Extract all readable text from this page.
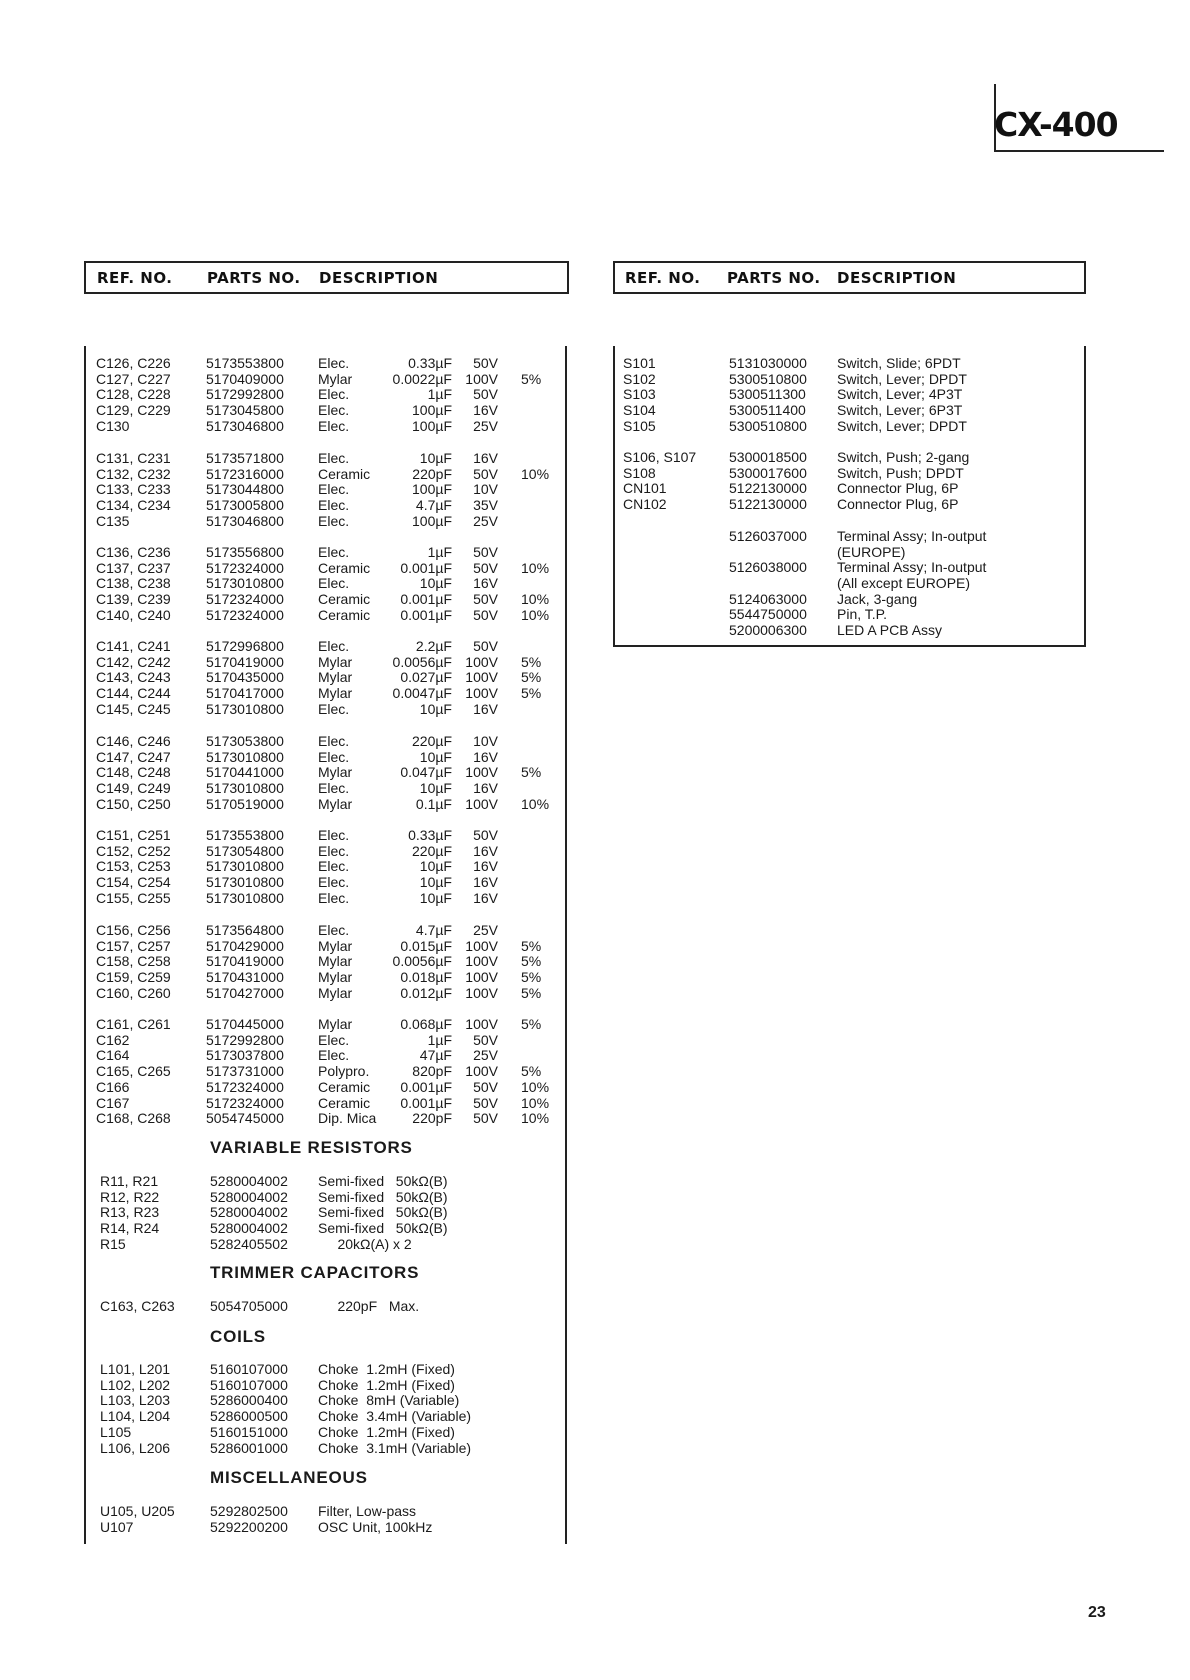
CX-400
REF. NO. PARTS NO. DESCRIPTION	REF. NO. PARTS NO. DESCRIPTION
C126, C226	5173553800 Elec.	0.33µF	50V
C127, C227	5170409000 Mylar	0.0022µF 100V 5%
C128, C228	5172992800 Elec.	1µF	50V
C129, C229	5173045800 Elec.	100µF	16V
C130	5173046800 Elec.	100µF	25V
C131, C231	5173571800 Elec.	10µF	16V
C132, C232	5172316000 Ceramic	220pF	50V 10%
C133, C233	5173044800 Elec.	100µF	10V
C134, C234	5173005800 Elec.	4.7µF	35V
C135	5173046800 Elec.	100µF	25V
C136, C236	5173556800 Elec.	1µF	50V
C137, C237	5172324000 Ceramic	0.001µF	50V 10%
C138, C238	5173010800 Elec.	10µF	16V
C139, C239	5172324000 Ceramic	0.001µF	50V 10%
C140, C240	5172324000 Ceramic	0.001µF	50V 10%
C141, C241	5172996800 Elec.	2.2µF	50V
C142, C242	5170419000 Mylar	0.0056µF 100V 5%
C143, C243	5170435000 Mylar	0.027µF 100V 5%
C144, C244	5170417000 Mylar	0.0047µF 100V 5%
C145, C245	5173010800 Elec.	10µF	16V
C146, C246	5173053800 Elec.	220µF	10V
C147, C247	5173010800 Elec.	10µF	16V
C148, C248	5170441000 Mylar	0.047µF 100V 5%
C149, C249	5173010800 Elec.	10µF	16V
C150, C250	5170519000 Mylar	0.1µF 100V 10%
C151, C251	5173553800 Elec.	0.33µF	50V
C152, C252	5173054800 Elec.	220µF	16V
C153, C253	5173010800 Elec.	10µF	16V
C154, C254	5173010800 Elec.	10µF	16V
C155, C255	5173010800 Elec.	10µF	16V
C156, C256	5173564800 Elec.	4.7µF	25V
C157, C257	5170429000 Mylar	0.015µF 100V 5%
C158, C258	5170419000 Mylar	0.0056µF 100V 5%
C159, C259	5170431000 Mylar	0.018µF 100V 5%
C160, C260	5170427000 Mylar	0.012µF 100V 5%
C161, C261	5170445000 Mylar	0.068µF 100V 5%
C162	5172992800 Elec.	1µF	50V
C164	5173037800 Elec.	47µF	25V
C165, C265	5173731000 Polypro.	820pF 100V 5%
C166	5172324000 Ceramic	0.001µF	50V 10%
C167	5172324000 Ceramic	0.001µF	50V 10%
C168, C268	5054745000 Dip. Mica	220pF	50V 10%
VARIABLE RESISTORS
R11, R21	5280004002 Semi-fixed   50kΩ(B)
R12, R22	5280004002 Semi-fixed   50kΩ(B)
R13, R23	5280004002 Semi-fixed   50kΩ(B)
R14, R24	5280004002 Semi-fixed   50kΩ(B)
R15	5282405502 20kΩ(A) x 2
TRIMMER CAPACITORS
C163, C263	5054705000 220pF   Max.
COILS
L101, L201	5160107000 Choke  1.2mH (Fixed)
L102, L202	5160107000 Choke  1.2mH (Fixed)
L103, L203	5286000400 Choke  8mH (Variable)
L104, L204	5286000500 Choke  3.4mH (Variable)
L105	5160151000 Choke  1.2mH (Fixed)
L106, L206	5286001000 Choke  3.1mH (Variable)
MISCELLANEOUS
U105, U205	5292802500 Filter, Low-pass
U107	5292200200 OSC Unit, 100kHz
S101	5131030000 Switch, Slide; 6PDT
S102	5300510800 Switch, Lever; DPDT
S103	5300511300 Switch, Lever; 4P3T
S104	5300511400 Switch, Lever; 6P3T
S105	5300510800 Switch, Lever; DPDT
S106, S107 5300018500 Switch, Push; 2-gang
S108	5300017600 Switch, Push; DPDT
CN101	5122130000 Connector Plug, 6P
CN102	5122130000 Connector Plug, 6P
5126037000 Terminal Assy; In-output
(EUROPE)
5126038000 Terminal Assy; In-output
(All except EUROPE)
5124063000 Jack, 3-gang
5544750000 Pin, T.P.
5200006300 LED A PCB Assy
23
